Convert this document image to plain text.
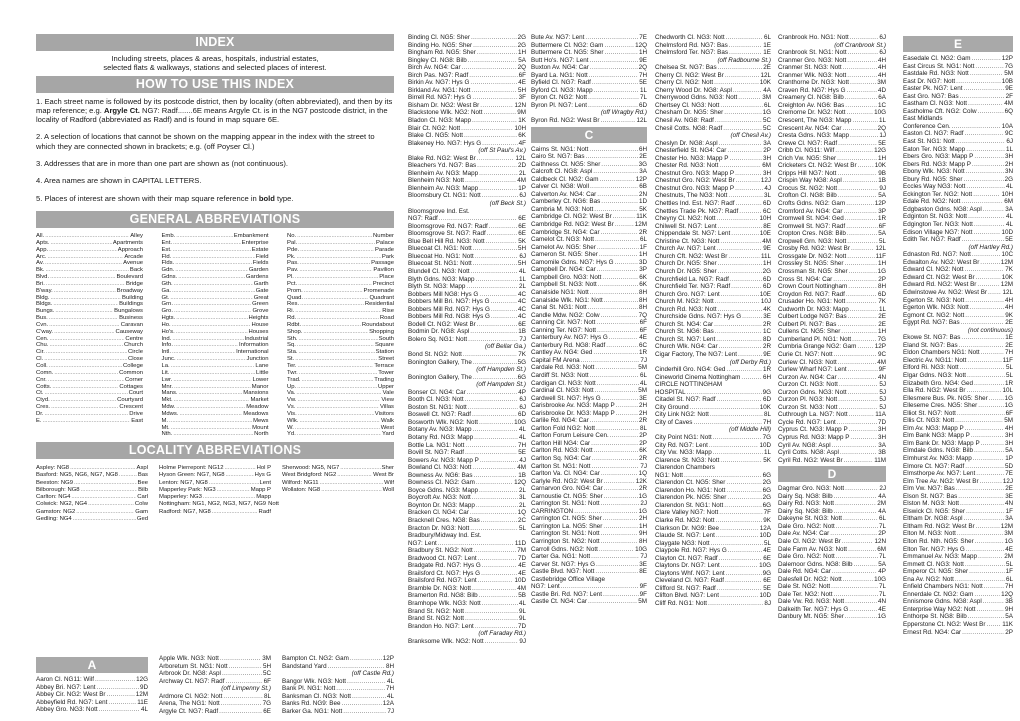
INDEX
Including streets, places & areas, hospitals, industrial estates,
selected flats & walkways, stations and selected places of interest.
HOW TO USE THIS INDEX
1. Each street name is followed by its postcode district, then by locality (often abbreviated), and then by its map reference; e.g. Argyle Ct. NG7: Radf.......6E means Argyle Ct. is in the NG7 postcode district, in the locality of Radford (abbreviated as Radf) and is found in map square 6E.
2. A selection of locations that cannot be shown on the mapping appear in the index with the street to which they are connected shown in brackets; e.g. (off Poyser Cl.)
3. Addresses that are in more than one part are shown as (not continuous).
4. Area names are shown in CAPITAL LETTERS.
5. Places of interest are shown with their map square reference in bold type.
GENERAL ABBREVIATIONS
All. .....	Alley
Apts. .....	Apartments
App. .....	Approach
Arc. .....	Arcade
Av. .....	Avenue
Bk. .....	Back
Blvd. .....	Boulevard
Bri. .....	Bridge
B'way. .....	Broadway
Bldg. .....	Building
Bldgs. .....	Buildings
Bungs. .....	Bungalows
Bus. .....	Business
Cvn. .....	Caravan
C'way. .....	Causeway
Cen. .....	Centre
Chu. .....	Church
Cir. .....	Circle
Cl. .....	Close
Coll. .....	College
Comn. .....	Common
Cnr. .....	Corner
Cotts. .....	Cottages
Ct. .....	Court
Ctyd. .....	Courtyard
Cres. .....	Crescent
Dr. .....	Drive
E. .....	East
Emb. .....	Embankment
Ent. .....	Enterprise
Est. .....	Estate
Fld. .....	Field
Flds. .....	Fields
Gdn. .....	Garden
Gdns. .....	Gardens
Gth. .....	Garth
Ga. .....	Gate
Gt. .....	Great
Grn. .....	Green
Gro. .....	Grove
Hgts. .....	Heights
Ho. .....	House
Ho's. .....	Houses
Ind. .....	Industrial
Info. .....	Information
Intl. .....	International
Junc. .....	Junction
La. .....	Lane
Lit. .....	Little
Lwr. .....	Lower
Mnr. .....	Manor
Mans. .....	Mansions
Mkt. .....	Market
Mdw. .....	Meadow
Mdws. .....	Meadows
M. .....	Mews
Mt. .....	Mount
Nth. .....	North
No. .....	Number
Pal. .....	Palace
Pde. .....	Parade
Pk. .....	Park
Pas. .....	Passage
Pav. .....	Pavilion
Pl. .....	Place
Pct. .....	Precinct
Prom. .....	Promenade
Quad. .....	Quadrant
Res. .....	Residential
Ri. .....	Rise
Rd. .....	Road
Rdbt. .....	Roundabout
Shop. .....	Shopping
Sth. .....	South
Sq. .....	Square
Sta. .....	Station
St. .....	Street
Ter. .....	Terrace
Twr. .....	Tower
Trad. .....	Trading
Up. .....	Upper
Va. .....	Vale
Vw. .....	View
Vs. .....	Villas
Vis. .....	Visitors
Wlk. .....	Walk
W. .....	West
Yd. .....	Yard
LOCALITY ABBREVIATIONS
Aspley: NG8 .....	Aspl
Basford: NG5, NG6, NG7, NG8 .....	Bas
Beeston: NG9 .....	Bee
Bilborough: NG8 .....	Bilb
Carlton: NG4 .....	Carl
Colwick: NG2, NG4 .....	Colw
Gamston: NG2 .....	Gam
Gedling: NG4 .....	Ged
Holme Pierrepont: NG12 .....	Hol P
Hyson Green: NG7, NG8 .....	Hys G
Lenton: NG7, NG8 .....	Lent
Mapperley Park: NG3 .....	Mapp P
Mapperley: NG3 .....	Mapp
Nottingham: NG1, NG2, NG3, NG7, NG9 Nott
Radford: NG7, NG8 .....	Radf
Sherwood: NG5, NG7 .....	Sher
West Bridgford: NG2 .....	West Br
Wilford: NG11 .....	Wilf
Wollaton: NG8 .....	Woll
A
Aaron Cl. NG11: Wilf .....	12G
Abbey Bri. NG7: Lent .....	9D
Abbey Cir. NG2: West Br .....	12M
Abbeyfield Rd. NG7: Lent .....	11E
Abbey Gro. NG3: Nott .....	4L
Apple Wlk. NG3: Nott .....	3M
Arboretum St. NG1: Nott .....	5H
Arbrook Dr. NG8: Aspl .....	5C
Archway Ct. NG7: Radf .....	6F
(off Limpenny St.)
Ardmore Cl. NG2: Nott .....	8L
Arena, The NG1: Nott .....	7G
Argyle Ct. NG7: Radf .....	6E
Bampton Ct. NG2: Gam .....	12P
Bandstand Yard .....	8H
(off Castle Rd.)
Bangor Wlk. NG3: Nott .....	4L
Bank Pl. NG1: Nott .....	7H
Banksman Cl. NG3: Nott .....	4L
Banks Rd. NG9: Bee .....	12A
Barker Ga. NG1: Nott .....	7J
Binding Cl. NG5: Sher .....	2G
Binding Ho. NG5: Sher .....	2G
Bingham Rd. NG5: Sher .....	1H
Bingley Cl. NG8: Bilb .....	5A
Birch Av. NG4: Car .....	2Q
Birch Pas. NG7: Radf .....	6F
Birkin Av. NG7: Hys G .....	4E
Birkland Av. NG1: Nott .....	5H
Birrell Rd. NG7: Hys G .....	3F
Bisham Dr. NG2: West Br .....	12N
Blackstone Wlk. NG2: Nott .....	9M
Bladon Cl. NG3: Mapp .....	1K
Blair Ct. NG2: Nott .....	10H
Blake Cl. NG5: Nott .....	6K
Blakeney Ho. NG7: Hys G .....	4F
(off St Paul's Av.)
Blake Rd. NG2: West Br .....	12L
Bleachers Yd. NG7: Bas .....	2D
Blenheim Av. NG3: Mapp .....	2L
Blenheim NG3: Nott .....	4M
Blenheim Av. NG3: Mapp .....	1P
Bloomsbury Ct. NG1: Nott .....	6J
(off Beck St.)
Bloomsgrove Ind. Est.
NG7: Radf .....	6E
Bloomsgrove Rd. NG7: Radf .....	6E
Bloomsgrove St. NG7: Radf .....	6E
Blue Bell Hill Rd. NG3: Nott .....	5K
Bluecoat Cl. NG1: Nott .....	5H
Bluecoat Ho. NG1: Nott .....	6J
Bluecoat St. NG1: Nott .....	5H
Blundell Cl. NG3: Nott .....	4L
Blyth Gdns. NG3: Mapp .....	1L
Blyth St. NG3: Mapp .....	2L
Bobbers Mill NG8: Hys G .....	4C
Bobbers Mill Bri. NG7: Hys G .....	4C
Bobbers Mill Rd. NG7: Hys G .....	4C
Bobbers Mill Rd. NG8: Hys G .....	4C
Bodell Ct. NG2: West Br .....	6E
Bodmin Dr. NG8: Aspl .....	1B
Bolero Sq. NG1: Nott .....	7J
(off Bellar Ga.)
Bond St. NG2: Nott .....	7K
Bonington Gallery, The .....	5G
(off Hampden St.)
Bonington Gallery, The .....	6G
(off Hampden St.)
Bonser Cl. NG4: Car .....	4P
Booth Cl. NG3: Nott .....	6J
Boston St. NG1: Nott .....	6J
Boswell Ct. NG7: Radf .....	6D
Bosworth Wlk. NG2: Nott .....	10G
Botany Av. NG3: Mapp .....	4L
Botany Rd. NG3: Mapp .....	4L
Bottle La. NG1: Nott .....	7H
Bovill St. NG7: Radf .....	5E
Bowers Av. NG3: Mapp P .....	4J
Bowland Cl. NG3: Nott .....	4M
Bowness Av. NG6: Bas .....	1B
Bowness Cl. NG2: Gam .....	12Q
Boyce Gdns. NG3: Mapp .....	2L
Boycroft Av. NG3: Nott .....	3L
Boynton Dr. NG3: Mapp .....	2L
Bracken Cl. NG4: Car .....	1Q
Bracknell Cres. NG8: Bas .....	2C
Bracton Dr. NG3: Nott .....	5L
Bradbury/Midway Ind. Est.
NG7: Lent .....	11D
Bradbury St. NG2: Nott .....	7M
Bradwood Ct. NG7: Lent .....	7D
Bradgate Rd. NG7: Hys G .....	4E
Brailsford Ct. NG7: Hys G .....	4E
Brailsford Rd. NG7: Lent .....	10D
Bramble Dr. NG3: Nott .....	4M
Bramerton Rd. NG8: Bilb .....	5B
Bramhope Wlk. NG3: Nott .....	4L
Brand St. NG2: Nott .....	9L
Brand St. NG2: Nott .....	9L
Brandon Ho. NG7: Lent .....	7D
(off Faraday Rd.)
Branksome Wlk. NG2: Nott .....	9J
Bute Av. NG7: Lent .....	7E
Buttermere Cl. NG2: Gam .....	12Q
Buttermere Ct. NG5: Sher .....	1H
Butt Ho's. NG7: Lent .....	9E
Buxton Av. NG4: Car .....	2Q
Byard La. NG1: Nott .....	7H
Byfield Cl. NG7: Radf .....	5E
Byford Cl. NG3: Mapp .....	1L
Byron Ct. NG2: Nott .....	7L
Byron Pl. NG7: Lent .....	6D
(off Wragby Rd.)
Byron Rd. NG2: West Br .....	12L
C
Cairns St. NG1: Nott .....	6H
Cairo St. NG7: Bas .....	2E
Caithness Ct. NG5: Sher .....	3G
Calcroft Cl. NG8: Aspl .....	3A
Caldbeck Cl. NG2: Gam .....	12P
Calver Cl. NG8: Woll .....	6B
Calverton Av. NG4: Car .....	2N
Camberley Ct. NG6: Bas .....	1D
Cambria M. NG3: Nott .....	5K
Cambridge Cl. NG2: West Br .....	11K
Cambridge Rd. NG2: West Br .....	12M
Cambridge St. NG4: Car .....	2R
Camelot Ct. NG3: Nott .....	6L
Camelot Av. NG5: Sher .....	1F
Cameron St. NG5: Sher .....	1H
Camomile Gdns. NG7: Hys G .....	3D
Campbell Dr. NG4: Car .....	3P
Campbell Gro. NG3: Nott .....	6K
Campbell St. NG3: Nott .....	6K
Canalside NG1: Nott .....	8H
Canalside Wlk. NG1: Nott .....	8H
Canal St. NG1: Nott .....	8H
Candle Mdw. NG2: Colw .....	7Q
Canning Cir. NG7: Nott .....	6F
Canning Ter. NG7: Nott .....	6F
Canterbury Av. NG7: Hys G .....	4E
Canterbury Rd. NG8: Radf .....	6C
Cantley Av. NG4: Ged .....	1R
Capital FM Arena .....	7J
Cardale Rd. NG3: Nott .....	5M
Cardiff St. NG3: Nott .....	6L
Cardigan Cl. NG3: Nott .....	4L
Cardinal Cl. NG3: Nott .....	5M
Cardwell St. NG7: Hys G .....	3E
Carisbrooke Av. NG3: Mapp P .....	2H
Carisbrooke Dr. NG3: Mapp P .....	2H
Carlile Rd. NG4: Car .....	2R
Carlton Fold NG2: Nott .....	8L
Carlton Forum Leisure Cen. .....	2P
Carlton Hill NG4: Car .....	2P
Carlton Rd. NG3: Nott .....	6K
Carlton Sq. NG4: Car .....	2R
Carlton St. NG1: Nott .....	7J
Carlton Va. Cl. NG4: Car .....	1Q
Carlyle Rd. NG2: West Br .....	12K
Carnarvon Gro. NG4: Car .....	2R
Carnoustie Ct. NG5: Sher .....	1G
Carrington St. NG1: Nott .....	2J
CARRINGTON .....	1G
Carrington Ct. NG5: Sher .....	2H
Carrington La. NG5: Sher .....	1H
Carrington St. NG1: Nott .....	9H
Carrington St. NG2: Nott .....	8H
Carroll Gdns. NG2: Nott .....	10G
Carter Ga. NG1: Nott .....	7J
Carver St. NG7: Hys G .....	3E
Castle Blvd. NG7: Nott .....	8E
Castlebridge Office Village
NG7: Lent .....	9F
Castle Bri. Rd. NG7: Lent .....	9F
Castle Ct. NG4: Car .....	5M
Chedworth Cl. NG3: Nott .....	6L
Chelmsford Rd. NG7: Bas .....	1E
Chelmsford Ter. NG7: Bas .....	1E
(off Radbourne St.)
Chelsea St. NG7: Bas .....	2E
Cherry Cl. NG2: West Br .....	12L
Cherry Cl. NG2: Nott .....	10K
Cherry Wood Dr. NG8: Aspl .....	4A
Cherrywood Gdns. NG3: Nott .....	3M
Chertsey Cl. NG3: Nott .....	6L
Chesham Dr. NG5: Sher .....	1G
Chesil Av. NG8: Radf .....	5C
Chesil Cotts. NG8: Radf .....	5C
(off Chesil Av.)
Cheslyn Dr. NG8: Aspl .....	3A
Chesterfield St. NG4: Car .....	2P
Chester Ho. NG3: Mapp P .....	3H
Chester Rd. NG3: Nott .....	6M
Chestnut Gro. NG3: Mapp P .....	3H
Chestnut Gro. NG2: West Br .....	12J
Chestnut Gro. NG3: Mapp P .....	4J
Chestnuts, The NG3: Nott .....	3L
Chettles Ind. Est. NG7: Radf .....	6D
Chettles Trade Pk. NG7: Radf .....	6C
Cheyny Cl. NG2: Nott .....	10H
Chilwell St. NG7: Lent .....	8E
Chippendale St. NG7: Lent .....	10E
Christine Ct. NG3: Nott .....	4M
Church Av. NG7: Lent .....	9E
Church Cft. NG2: West Br .....	11L
Church Dr. NG5: Sher .....	1H
Church Dr. NG5: Sher .....	2G
Churchfield La. NG7: Radf .....	6D
Churchfield Ter. NG7: Radf .....	6D
Church Gro. NG7: Lent .....	10E
Church M. NG2: Nott .....	10J
Church Rd. NG3: Nott .....	4K
Churchside Gdns. NG7: Hys G .....	3E
Church St. NG4: Car .....	2R
Church St. NG6: Bas .....	1C
Church St. NG7: Lent .....	8D
Church Wlk. NG4: Car .....	2R
Cigar Factory, The NG7: Lent .....	9E
(off Derby Rd.)
Cinderhill Gro. NG4: Ged .....	1R
Cineworld Cinema Nottingham .....	6H
CIRCLE NOTTINGHAM
HOSPITAL .....	9G
Citadel St. NG7: Radf .....	6D
City Ground .....	10K
City Link NG2: Nott .....	8L
City of Caves .....	7H
(off Middle Hill)
City Point NG1: Nott .....	7G
City Rd. NG7: Lent .....	10D
City Vw. NG3: Mapp .....	1L
Clarence St. NG3: Nott .....	5K
Clarendon Chambers
NG1: Nott .....	6G
Clarendon Ct. NG5: Sher .....	2G
Clarendon Ho. NG1: Nott .....	6G
Clarendon Pk. NG5: Sher .....	2G
Clarendon St. NG1: Nott .....	6G
Clare Valley NG7: Nott .....	7F
Clarke Rd. NG2: Nott .....	9K
Clarkson Dr. NG9: Bee .....	12A
Claude St. NG7: Lent .....	10D
Claygate NG3: Nott .....	5L
Claypole Rd. NG7: Hys G .....	4E
Clayton Ct. NG7: Radf .....	6E
Claytons Dr. NG7: Lent .....	10G
Claytons Whf. NG7: Lent .....	9G
Cleveland Cl. NG7: Radf .....	6E
Clifford St. NG7: Radf .....	5E
Clifton Blvd. NG7: Lent .....	10D
Cliff Rd. NG1: Nott .....	8J
Cranbrook Ho. NG1: Nott .....	6J
(off Cranbrook St.)
Cranbrook St. NG1: Nott .....	6J
Cranmer Gro. NG3: Nott .....	4H
Cranmer St. NG3: Nott .....	4H
Cranmer Wlk. NG3: Nott .....	4H
Cranthorne Dr. NG3: Nott .....	3M
Craven Rd. NG7: Hys G .....	4D
Creamery Cl. NG8: Bilb .....	6A
Creighton Av. NG6: Bas .....	1C
Cremorne Dr. NG2: Nott .....	10G
Crescent, The NG3: Mapp .....	1L
Crescent Av. NG4: Car .....	2Q
Cresta Gdns. NG3: Mapp .....	1J
Crewe Cl. NG7: Radf .....	5E
Cribb Cl. NG11: Wilf .....	12G
Crich Vw. NG5: Sher .....	1H
Cricketers Ct. NG2: West Br .....	10K
Cripps Hill NG7: Nott .....	9B
Crispin Way NG8: Aspl .....	1B
Crocus St. NG2: Nott .....	9J
Crofton Cl. NG8: Bilb .....	5A
Crofts Gdns. NG2: Gam .....	12P
Cromford Av. NG4: Car .....	3P
Cromwell St. NG4: Ged .....	1R
Cromwell St. NG7: Radf .....	6F
Cropton Cres. NG8: Bilb .....	5A
Cropwell Grn. NG3: Nott .....	5L
Crosby Rd. NG2: West Br .....	12L
Crossgate Dr. NG2: Nott .....	11F
Crossley St. NG5: Sher .....	1H
Crossman St. NG5: Sher .....	1G
Cross St. NG4: Car .....	2P
Crown Court Nottingham .....	8H
Croydon Rd. NG7: Radf .....	6D
Crusader Ho. NG1: Nott .....	7K
Cudworth Dr. NG3: Mapp .....	1L
Culbert Lodge NG7: Bas .....	2E
Culbert Pl. NG7: Bas .....	2E
Cullens Ct. NG5: Sher .....	1H
Cumberland Pl. NG1: Nott .....	7G
Cumbria Grange NG2: Gam .....	12P
Curie Ct. NG7: Nott .....	9C
Curlew Cl. NG3: Nott .....	4M
Curlew Wharf NG7: Lent .....	9F
Curzon Av. NG4: Car .....	4N
Curzon Ct. NG3: Nott .....	5J
Curzon Gdns. NG3: Nott .....	5J
Curzon Pl. NG3: Nott .....	5J
Curzon St. NG3: Nott .....	5J
Cuthrough La. NG7: Nott .....	11A
Cycle Rd. NG7: Lent .....	7D
Cyprus Ct. NG3: Mapp P .....	3H
Cyprus Rd. NG3: Mapp P .....	3H
Cyril Av. NG8: Aspl .....	3A
Cyril Cotts. NG8: Aspl .....	3B
Cyril Rd. NG2: West Br .....	11M
D
Dagmar Gro. NG3: Nott .....	2J
Dairy Sq. NG8: Bilb .....	4A
Dairy Rd. NG3: Nott .....	2M
Dairy Sq. NG8: Bilb .....	4A
Dakeyne St. NG3: Nott .....	6L
Dale Gro. NG2: Nott .....	7L
Dale Av. NG4: Car .....	2P
Dale Cl. NG2: West Br .....	12N
Dale Farm Av. NG3: Nott .....	6M
Dale Gro. NG2: Nott .....	7L
Dalemoor Gdns. NG8: Bilb .....	5A
Dale Rd. NG4: Car .....	4P
Dalesfell Dr. NG2: Nott .....	10G
Dale St. NG2: Nott .....	7L
Dale Ter. NG2: Nott .....	7L
Dale Vw. Rd. NG3: Nott .....	4N
Dalkeith Ter. NG7: Hys G .....	4E
Danbury Mt. NG5: Sher .....	1G
E
Easedale Cl. NG2: Gam .....	12P
East Circus St. NG1: Nott .....	7G
Eastdale Rd. NG3: Nott .....	5M
East Dr. NG7: Nott .....	10B
Easter Pk. NG7: Lent .....	9E
East Gro. NG7: Bas .....	2F
Eastham Cl. NG3: Nott .....	4M
Eastholme Cft. NG2: Colw .....	6Q
East Midlands
Conference Cen. .....	10A
Easton Cl. NG7: Radf .....	9C
East St. NG1: Nott .....	6J
Eaton Ter. NG3: Mapp .....	1L
Ebers Gro. NG3: Mapp P .....	3H
Ebers Rd. NG3: Mapp P .....	2H
Ebony Wlk. NG3: Nott .....	3N
Ebury Rd. NG5: Sher .....	2G
Eccles Way NG3: Nott .....	4L
Eckington Ter. NG2: Nott .....	10H
Edale Rd. NG2: Nott .....	6M
Edgbaston Gdns. NG8: Aspl .....	3A
Edginton St. NG3: Nott .....	4L
Edgington Ter. NG3: Nott .....	4L
Edison Village NG7: Nott .....	10D
Edith Ter. NG7: Radf .....	5E
(off Hartley Rd.)
Ednaston Rd. NG7: Nott .....	10C
Edwalton Av. NG2: West Br .....	12M
Edward Cl. NG2: Nott .....	7K
Edward Ct. NG2: West Br .....	10K
Edward Rd. NG2: West Br .....	12M
Edwinstowe Av. NG2: West Br ..... 12L
Egerton St. NG3: Nott .....	4H
Egerton Wlk. NG3: Nott .....	4H
Egmont Ct. NG2: Nott .....	9K
Egypt Rd. NG7: Bas .....	2E
(not continuous)
Ekowe St. NG7: Bas .....	1E
Eland St. NG7: Bas .....	2E
Eldon Chambers NG1: Nott .....	7H
Electric Av. NG11: Nott .....	11F
Elford Ri. NG3: Nott .....	5L
Elgar Gdns. NG3: Nott .....	5L
Elizabeth Gro. NG4: Ged .....	1R
Ella Rd. NG2: West Br .....	10L
Ellesmere Bus. Pk. NG5: Sher .....	1G
Elleseme Cres. NG5: Sher .....	1G
Elliot St. NG7: Nott .....	6F
Ellis Ct. NG3: Nott .....	5M
Elm Av. NG3: Mapp P .....	4H
Elm Bank NG3: Mapp P .....	3H
Elm Bank Dr. NG3: Mapp P .....	3H
Elmdale Gdns. NG8: Bilb .....	5A
Elmhurst Av. NG3: Mapp .....	1P
Elmore Ct. NG7: Radf .....	5D
Elmsthorpe Av. NG7: Lent .....	7E
Elm Tree Av. NG2: West Br .....	12J
Elm Vw. NG7: Bas .....	2E
Elson St. NG7: Bas .....	3E
Elston M. NG3: Nott .....	4N
Elswick Cl. NG5: Sher .....	1F
Eltham Dr. NG8: Aspl .....	3A
Eltham Rd. NG2: West Br .....	12M
Elton M. NG3: Nott .....	3M
Elton Rd. Nth. NG5: Sher .....	1G
Elton Ter. NG7: Hys G .....	4E
Emmanuel Av. NG3: Mapp .....	2M
Emmett Cl. NG3: Nott .....	5L
Emperor Cl. NG5: Sher .....	1F
Ena Av. NG2: Nott .....	6L
Enfield Chambers NG1: Nott .....	7H
Ennerdale Ct. NG2: Gam .....	12Q
Ennismore Gdns. NG8: Aspl .....	3B
Enterprise Way NG2: Nott .....	9H
Enthorpe St. NG8: Bilb .....	5A
Epperstone Ct. NG2: West Br .....	11K
Ernest Rd. NG4: Car .....	2P
